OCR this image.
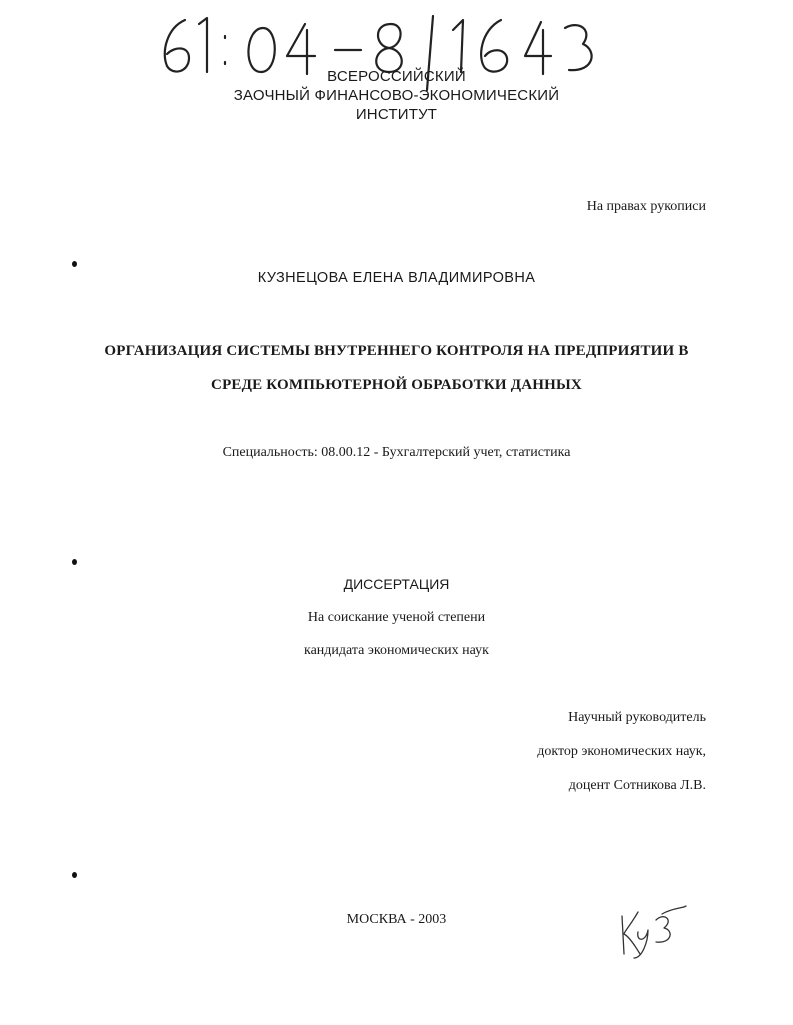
ВСЕРОССИЙСКИЙ
ЗАОЧНЫЙ ФИНАНСОВО-ЭКОНОМИЧЕСКИЙ
ИНСТИТУТ
На правах рукописи
КУЗНЕЦОВА ЕЛЕНА ВЛАДИМИРОВНА
ОРГАНИЗАЦИЯ СИСТЕМЫ ВНУТРЕННЕГО КОНТРОЛЯ НА ПРЕДПРИЯТИИ В
СРЕДЕ КОМПЬЮТЕРНОЙ ОБРАБОТКИ ДАННЫХ
Специальность: 08.00.12 - Бухгалтерский учет, статистика
ДИССЕРТАЦИЯ
На соискание ученой степени
кандидата экономических наук
Научный руководитель
доктор экономических наук,
доцент Сотникова Л.В.
МОСКВА - 2003
